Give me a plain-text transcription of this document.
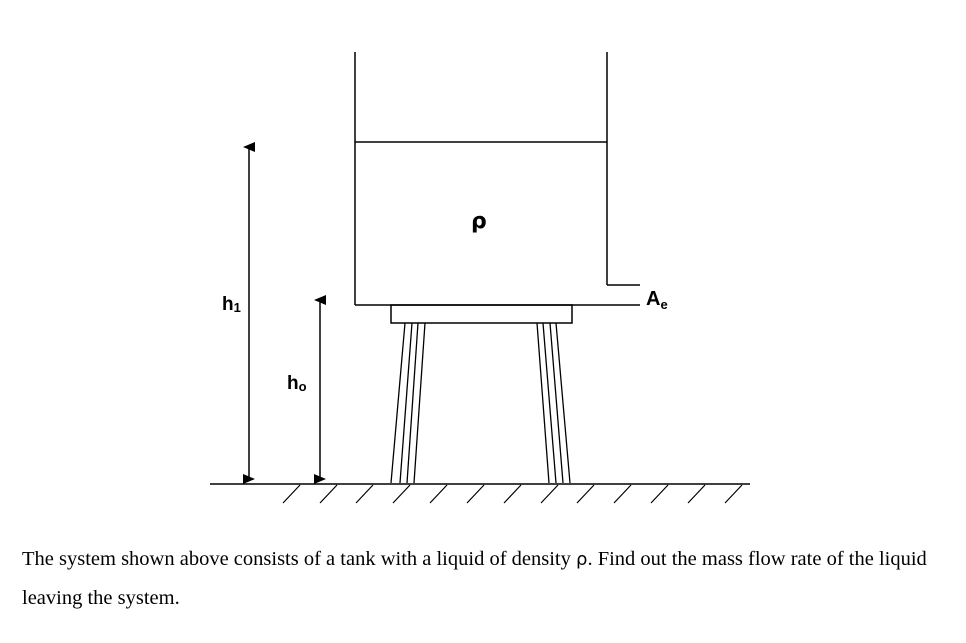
ρ
$A_e$
h1
ho

The system shown above consists of a tank with a liquid of density ρ. Find out the mass flow rate of the liquid leaving the system.
